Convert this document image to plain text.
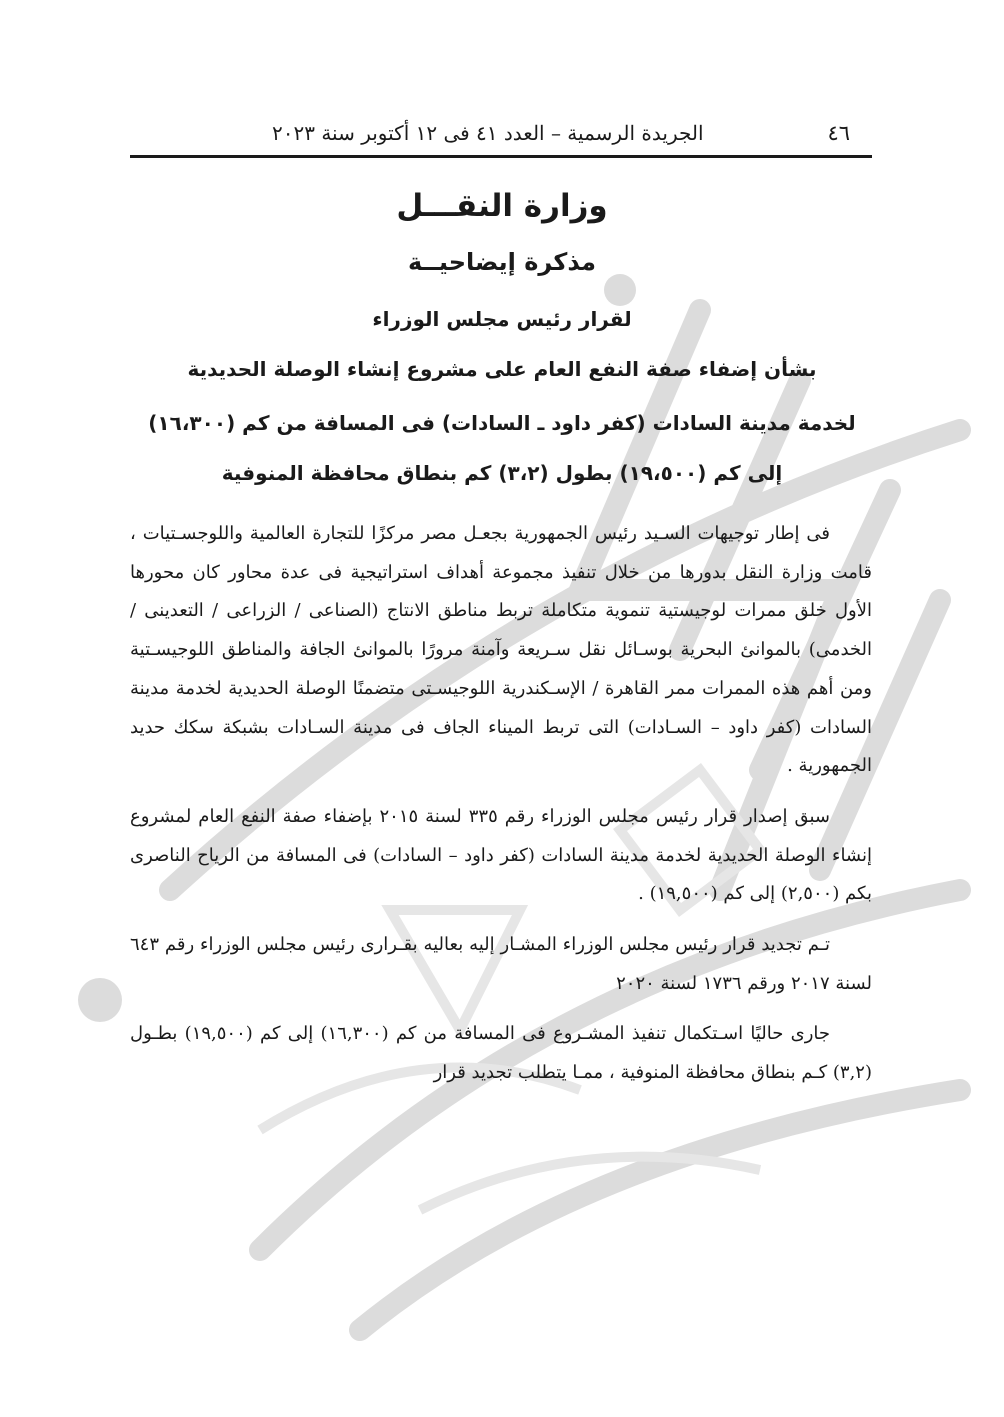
٤٦
الجريدة الرسمية – العدد ٤١ فى ١٢ أكتوبر سنة ٢٠٢٣
وزارة النقـــل
مذكرة إيضاحيــة
لقرار رئيس مجلس الوزراء
بشأن إضفاء صفة النفع العام على مشروع إنشاء الوصلة الحديدية
لخدمة مدينة السادات (كفر داود ـ السادات) فى المسافة من كم (١٦،٣٠٠)
إلى كم (١٩،٥٠٠) بطول (٣،٢) كم بنطاق محافظة المنوفية

فى إطار توجيهات السـيد رئيس الجمهورية بجعـل مصر مركزًا للتجارة العالمية واللوجسـتيات ، قامت وزارة النقل بدورها من خلال تنفيذ مجموعة أهداف استراتيجية فى عدة محاور كان محورها الأول خلق ممرات لوجيستية تنموية متكاملة تربط مناطق الانتاج (الصناعى / الزراعى / التعدينى / الخدمى) بالموانئ البحرية بوسـائل نقل سـريعة وآمنة مرورًا بالموانئ الجافة والمناطق اللوجيسـتية ومن أهم هذه الممرات ممر القاهرة / الإسـكندرية اللوجيسـتى متضمنًا الوصلة الحديدية لخدمة مدينة السادات (كفر داود – السـادات) التى تربط الميناء الجاف فى مدينة السـادات بشبكة سكك حديد الجمهورية .

سبق إصدار قرار رئيس مجلس الوزراء رقم ٣٣٥ لسنة ٢٠١٥ بإضفاء صفة النفع العام لمشروع إنشاء الوصلة الحديدية لخدمة مدينة السادات (كفر داود – السادات) فى المسافة من الرياح الناصرى بكم (٢,٥٠٠) إلى كم (١٩,٥٠٠) .

تـم تجديد قرار رئيس مجلس الوزراء المشـار إليه بعاليه بقـرارى رئيس مجلس الوزراء رقم ٦٤٣ لسنة ٢٠١٧ ورقم ١٧٣٦ لسنة ٢٠٢٠

جارى حاليًا اسـتكمال تنفيذ المشـروع فى المسافة من كم (١٦,٣٠٠) إلى كم (١٩,٥٠٠) بطـول (٣,٢) كـم بنطاق محافظة المنوفية ، ممـا يتطلب تجديد قرار
